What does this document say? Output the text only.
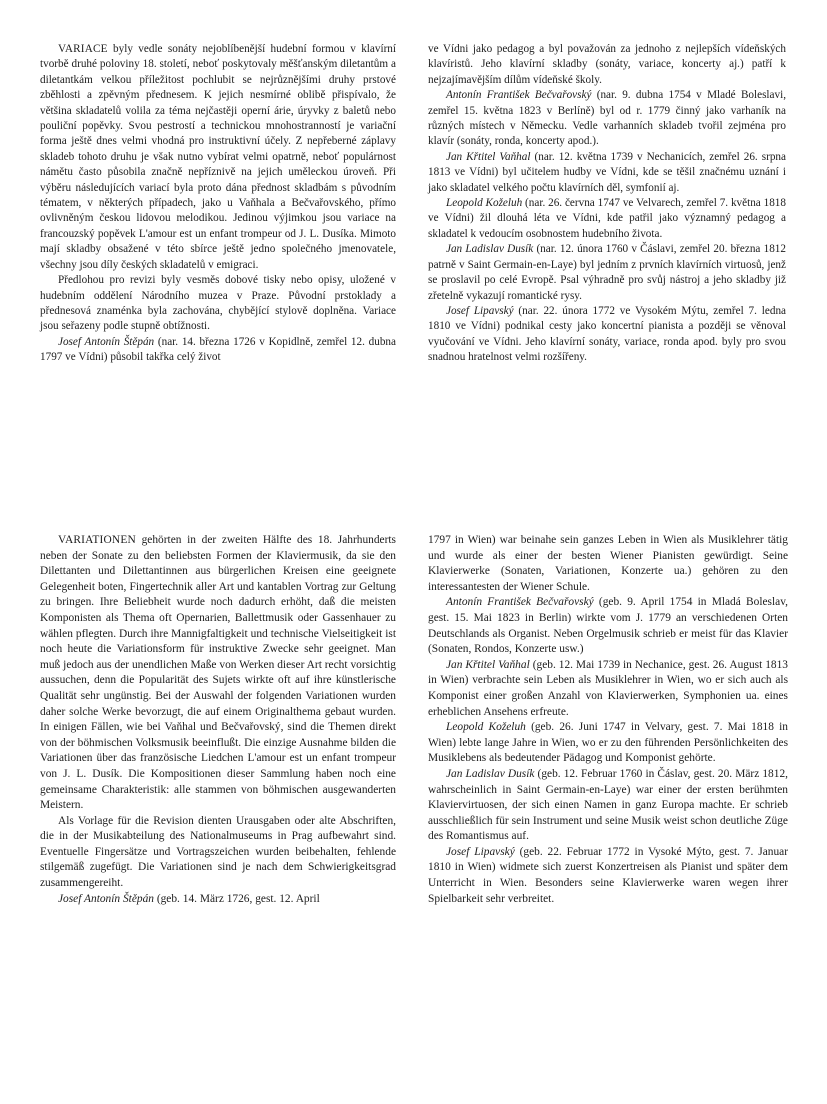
VARIACE byly vedle sonáty nejoblíbenější hudební formou v klavírní tvorbě druhé poloviny 18. století, neboť poskytovaly měšťanským diletantům a diletantkám velkou příležitost pochlubit se nejrůznějšími druhy prstové zběhlosti a zpěvným přednesem. K jejich nesmírné oblibě přispívalo, že většina skladatelů volila za téma nejčastěji operní árie, úryvky z baletů nebo pouliční popěvky. Svou pestrostí a technickou mnohostranností je variační forma ještě dnes velmi vhodná pro instruktivní účely. Z nepřeberné záplavy skladeb tohoto druhu je však nutno vybírat velmi opatrně, neboť populárnost námětu často působila značně nepříznivě na jejich uměleckou úroveň. Při výběru následujících variací byla proto dána přednost skladbám s původním tématem, v některých případech, jako u Vaňhala a Bečvařovského, přímo ovlivněným českou lidovou melodikou. Jedinou výjimkou jsou variace na francouzský popěvek L'amour est un enfant trompeur od J. L. Dusíka. Mimoto mají skladby obsažené v této sbírce ještě jedno společného jmenovatele, všechny jsou díly českých skladatelů v emigraci.

Předlohou pro revizi byly vesměs dobové tisky nebo opisy, uložené v hudebním oddělení Národního muzea v Praze. Původní prstoklady a přednesová znaménka byla zachována, chybějící stylově doplněna. Variace jsou seřazeny podle stupně obtížnosti.

Josef Antonín Štěpán (nar. 14. března 1726 v Kopidlně, zemřel 12. dubna 1797 ve Vídni) působil takřka celý život

ve Vídni jako pedagog a byl považován za jednoho z nejlepších vídeňských klavíristů. Jeho klavírní skladby (sonáty, variace, koncerty aj.) patří k nejzajímavějším dílům vídeňské školy.

Antonín František Bečvařovský (nar. 9. dubna 1754 v Mladé Boleslavi, zemřel 15. května 1823 v Berlíně) byl od r. 1779 činný jako varhaník na různých místech v Německu. Vedle varhanních skladeb tvořil zejména pro klavír (sonáty, ronda, koncerty apod.).

Jan Křtitel Vaňhal (nar. 12. května 1739 v Nechanicích, zemřel 26. srpna 1813 ve Vídni) byl učitelem hudby ve Vídni, kde se těšil značnému uznání i jako skladatel velkého počtu klavírních děl, symfonií aj.

Leopold Koželuh (nar. 26. června 1747 ve Velvarech, zemřel 7. května 1818 ve Vídni) žil dlouhá léta ve Vídni, kde patřil jako významný pedagog a skladatel k vedoucím osobnostem hudebního života.

Jan Ladislav Dusík (nar. 12. února 1760 v Čáslavi, zemřel 20. března 1812 patrně v Saint Germain-en-Laye) byl jedním z prvních klavírních virtuosů, jenž se proslavil po celé Evropě. Psal výhradně pro svůj nástroj a jeho skladby již zřetelně vykazují romantické rysy.

Josef Lipavský (nar. 22. února 1772 ve Vysokém Mýtu, zemřel 7. ledna 1810 ve Vídni) podnikal cesty jako koncertní pianista a později se věnoval vyučování ve Vídni. Jeho klavírní sonáty, variace, ronda apod. byly pro svou snadnou hratelnost velmi rozšířeny.

VARIATIONEN gehörten in der zweiten Hälfte des 18. Jahrhunderts neben der Sonate zu den beliebsten Formen der Klaviermusik, da sie den Dilettanten und Dilettantinnen aus bürgerlichen Kreisen eine geeignete Gelegenheit boten, Fingertechnik aller Art und kantablen Vortrag zur Geltung zu bringen. Ihre Beliebheit wurde noch dadurch erhöht, daß die meisten Komponisten als Thema oft Opernarien, Ballettmusik oder Gassenhauer zu wählen pflegten. Durch ihre Mannigfaltigkeit und technische Vielseitigkeit ist noch heute die Variationsform für instruktive Zwecke sehr geeignet. Man muß jedoch aus der unendlichen Maße von Werken dieser Art recht vorsichtig aussuchen, denn die Popularität des Sujets wirkte oft auf ihre künstlerische Qualität sehr ungünstig. Bei der Auswahl der folgenden Variationen wurden daher solche Werke bevorzugt, die auf einem Originalthema gebaut wurden. In einigen Fällen, wie bei Vaňhal und Bečvařovský, sind die Themen direkt von der böhmischen Volksmusik beeinflußt. Die einzige Ausnahme bilden die Variationen über das französische Liedchen L'amour est un enfant trompeur von J. L. Dusík. Die Kompositionen dieser Sammlung haben noch eine gemeinsame Charakteristik: alle stammen von böhmischen ausgewanderten Meistern.

Als Vorlage für die Revision dienten Urausgaben oder alte Abschriften, die in der Musikabteilung des Nationalmuseums in Prag aufbewahrt sind. Eventuelle Fingersätze und Vortragszeichen wurden beibehalten, fehlende stilgemäß zugefügt. Die Variationen sind je nach dem Schwierigkeitsgrad zusammengereiht.

Josef Antonín Štěpán (geb. 14. März 1726, gest. 12. April

1797 in Wien) war beinahe sein ganzes Leben in Wien als Musiklehrer tätig und wurde als einer der besten Wiener Pianisten gewürdigt. Seine Klavierwerke (Sonaten, Variationen, Konzerte ua.) gehören zu den interessantesten der Wiener Schule.

Antonín František Bečvařovský (geb. 9. April 1754 in Mladá Boleslav, gest. 15. Mai 1823 in Berlin) wirkte vom J. 1779 an verschiedenen Orten Deutschlands als Organist. Neben Orgelmusik schrieb er meist für das Klavier (Sonaten, Rondos, Konzerte usw.)

Jan Křtitel Vaňhal (geb. 12. Mai 1739 in Nechanice, gest. 26. August 1813 in Wien) verbrachte sein Leben als Musiklehrer in Wien, wo er sich auch als Komponist einer großen Anzahl von Klavierwerken, Symphonien ua. eines erheblichen Ansehens erfreute.

Leopold Koželuh (geb. 26. Juni 1747 in Velvary, gest. 7. Mai 1818 in Wien) lebte lange Jahre in Wien, wo er zu den führenden Persönlichkeiten des Musiklebens als bedeutender Pädagog und Komponist gehörte.

Jan Ladislav Dusík (geb. 12. Februar 1760 in Čáslav, gest. 20. März 1812, wahrscheinlich in Saint Germain-en-Laye) war einer der ersten berühmten Klaviervirtuosen, der sich einen Namen in ganz Europa machte. Er schrieb ausschließlich für sein Instrument und seine Musik weist schon deutliche Züge des Romantismus auf.

Josef Lipavský (geb. 22. Februar 1772 in Vysoké Mýto, gest. 7. Januar 1810 in Wien) widmete sich zuerst Konzertreisen als Pianist und später dem Unterricht in Wien. Besonders seine Klavierwerke waren wegen ihrer Spielbarkeit sehr verbreitet.
